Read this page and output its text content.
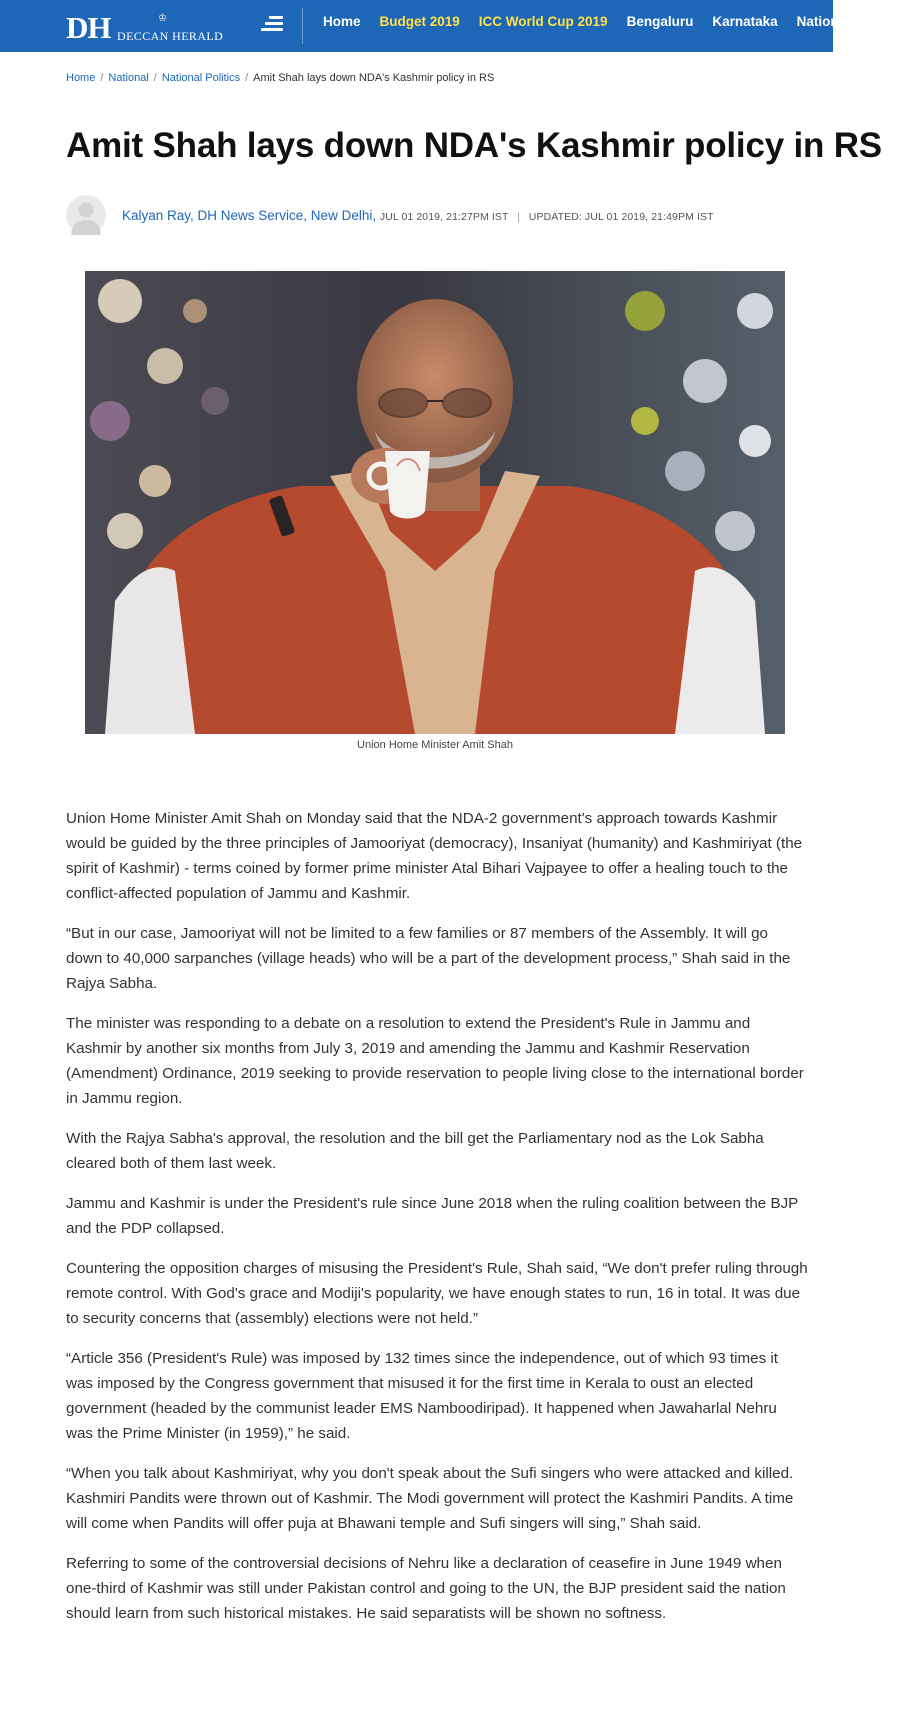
DH	♔
DECCAN HERALD
Home Budget 2019 ICC World Cup 2019 Bengaluru Karnataka National S
Home / National / National Politics / Amit Shah lays down NDA's Kashmir policy in RS
Amit Shah lays down NDA's Kashmir policy in RS
Kalyan Ray, DH News Service, New Delhi, JUL 01 2019, 21:27PM IST | UPDATED: JUL 01 2019, 21:49PM IST
Union Home Minister Amit Shah

Union Home Minister Amit Shah on Monday said that the NDA-2 government's approach towards Kashmir would be guided by the three principles of Jamooriyat (democracy), Insaniyat (humanity) and Kashmiriyat (the spirit of Kashmir) - terms coined by former prime minister Atal Bihari Vajpayee to offer a healing touch to the conflict-affected population of Jammu and Kashmir.

“But in our case, Jamooriyat will not be limited to a few families or 87 members of the Assembly. It will go down to 40,000 sarpanches (village heads) who will be a part of the development process,” Shah said in the Rajya Sabha.

The minister was responding to a debate on a resolution to extend the President's Rule in Jammu and Kashmir by another six months from July 3, 2019 and amending the Jammu and Kashmir Reservation (Amendment) Ordinance, 2019 seeking to provide reservation to people living close to the international border in Jammu region.

With the Rajya Sabha's approval, the resolution and the bill get the Parliamentary nod as the Lok Sabha cleared both of them last week.

Jammu and Kashmir is under the President's rule since June 2018 when the ruling coalition between the BJP and the PDP collapsed.

Countering the opposition charges of misusing the President's Rule, Shah said, “We don't prefer ruling through remote control. With God's grace and Modiji's popularity, we have enough states to run, 16 in total. It was due to security concerns that (assembly) elections were not held.”

“Article 356 (President's Rule) was imposed by 132 times since the independence, out of which 93 times it was imposed by the Congress government that misused it for the first time in Kerala to oust an elected government (headed by the communist leader EMS Namboodiripad). It happened when Jawaharlal Nehru was the Prime Minister (in 1959),” he said.

“When you talk about Kashmiriyat, why you don't speak about the Sufi singers who were attacked and killed. Kashmiri Pandits were thrown out of Kashmir. The Modi government will protect the Kashmiri Pandits. A time will come when Pandits will offer puja at Bhawani temple and Sufi singers will sing,” Shah said.

Referring to some of the controversial decisions of Nehru like a declaration of ceasefire in June 1949 when one-third of Kashmir was still under Pakistan control and going to the UN, the BJP president said the nation should learn from such historical mistakes. He said separatists will be shown no softness.
